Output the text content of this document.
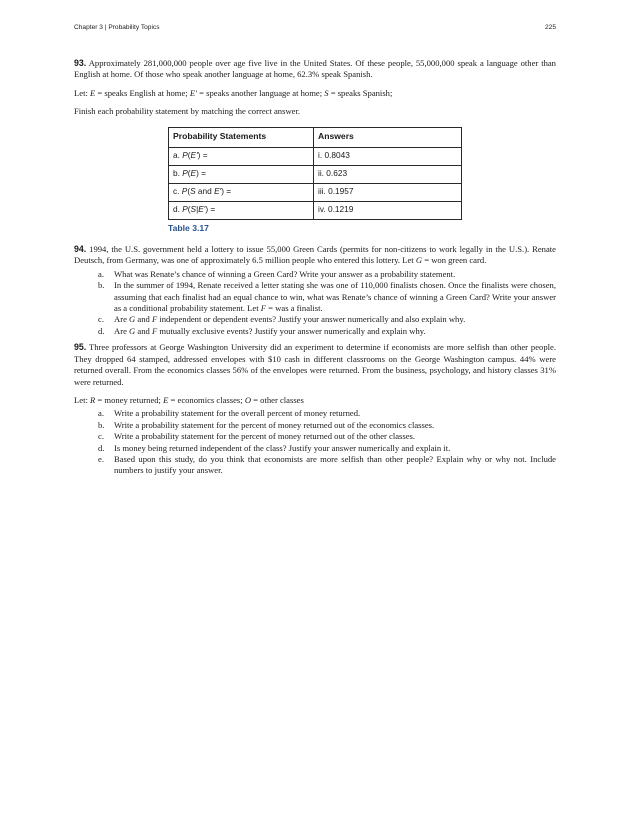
Chapter 3 | Probability Topics	225

93. Approximately 281,000,000 people over age five live in the United States. Of these people, 55,000,000 speak a language other than English at home. Of those who speak another language at home, 62.3% speak Spanish.

Let: E = speaks English at home; E′ = speaks another language at home; S = speaks Spanish;

Finish each probability statement by matching the correct answer.

Probability Statements	Answers
a. P(E′) =	i. 0.8043
b. P(E) =	ii. 0.623
c. P(S and E′) =	iii. 0.1957
d. P(S|E′) =	iv. 0.1219
Table 3.17

94. 1994, the U.S. government held a lottery to issue 55,000 Green Cards (permits for non-citizens to work legally in the U.S.). Renate Deutsch, from Germany, was one of approximately 6.5 million people who entered this lottery. Let G = won green card.

a. What was Renate’s chance of winning a Green Card? Write your answer as a probability statement.
b. In the summer of 1994, Renate received a letter stating she was one of 110,000 finalists chosen. Once the finalists were chosen, assuming that each finalist had an equal chance to win, what was Renate’s chance of winning a Green Card? Write your answer as a conditional probability statement. Let F = was a finalist.
c. Are G and F independent or dependent events? Justify your answer numerically and also explain why.
d. Are G and F mutually exclusive events? Justify your answer numerically and explain why.

95. Three professors at George Washington University did an experiment to determine if economists are more selfish than other people. They dropped 64 stamped, addressed envelopes with $10 cash in different classrooms on the George Washington campus. 44% were returned overall. From the economics classes 56% of the envelopes were returned. From the business, psychology, and history classes 31% were returned.

Let: R = money returned; E = economics classes; O = other classes

a. Write a probability statement for the overall percent of money returned.
b. Write a probability statement for the percent of money returned out of the economics classes.
c. Write a probability statement for the percent of money returned out of the other classes.
d. Is money being returned independent of the class? Justify your answer numerically and explain it.
e. Based upon this study, do you think that economists are more selfish than other people? Explain why or why not. Include numbers to justify your answer.
